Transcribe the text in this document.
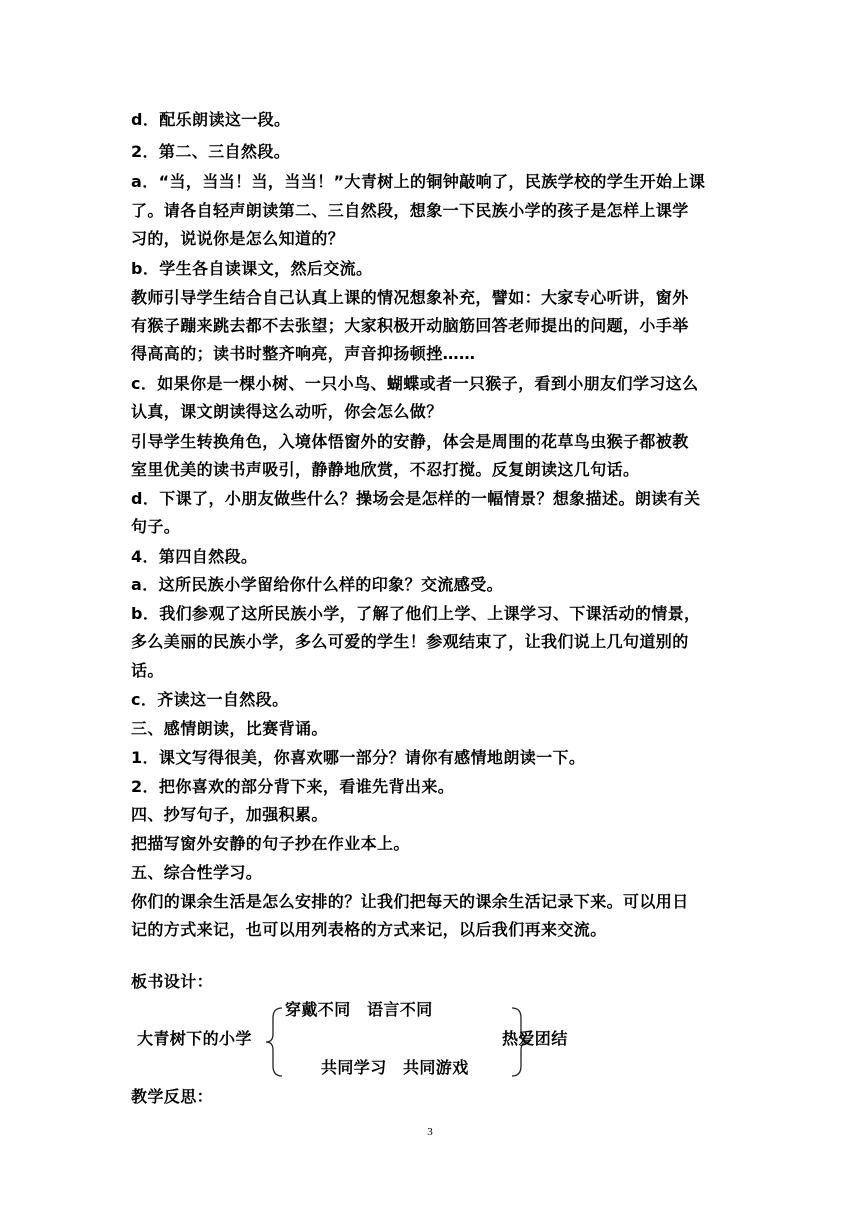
d．配乐朗读这一段。

2．第二、三自然段。

a．“当，当当！当，当当！”大青树上的铜钟敲响了，民族学校的学生开始上课

了。请各自轻声朗读第二、三自然段，想象一下民族小学的孩子是怎样上课学

习的，说说你是怎么知道的？

b．学生各自读课文，然后交流。

教师引导学生结合自己认真上课的情况想象补充，譬如：大家专心听讲，窗外

有猴子蹦来跳去都不去张望；大家积极开动脑筋回答老师提出的问题，小手举

得高高的；读书时整齐响亮，声音抑扬顿挫……

c．如果你是一棵小树、一只小鸟、蝴蝶或者一只猴子，看到小朋友们学习这么

认真，课文朗读得这么动听，你会怎么做？

引导学生转换角色，入境体悟窗外的安静，体会是周围的花草鸟虫猴子都被教

室里优美的读书声吸引，静静地欣赏，不忍打搅。反复朗读这几句话。

d．下课了，小朋友做些什么？操场会是怎样的一幅情景？想象描述。朗读有关

句子。

4．第四自然段。

a．这所民族小学留给你什么样的印象？交流感受。

b．我们参观了这所民族小学，了解了他们上学、上课学习、下课活动的情景，

多么美丽的民族小学，多么可爱的学生！参观结束了，让我们说上几句道别的

话。

c．齐读这一自然段。

三、感情朗读，比赛背诵。

1．课文写得很美，你喜欢哪一部分？请你有感情地朗读一下。

2．把你喜欢的部分背下来，看谁先背出来。

四、抄写句子，加强积累。

把描写窗外安静的句子抄在作业本上。

五、综合性学习。

你们的课余生活是怎么安排的？让我们把每天的课余生活记录下来。可以用日

记的方式来记，也可以用列表格的方式来记，以后我们再来交流。

板书设计：

大青树下的小学

穿戴不同　语言不同

共同学习　共同游戏

热爱团结

教学反思：

3
